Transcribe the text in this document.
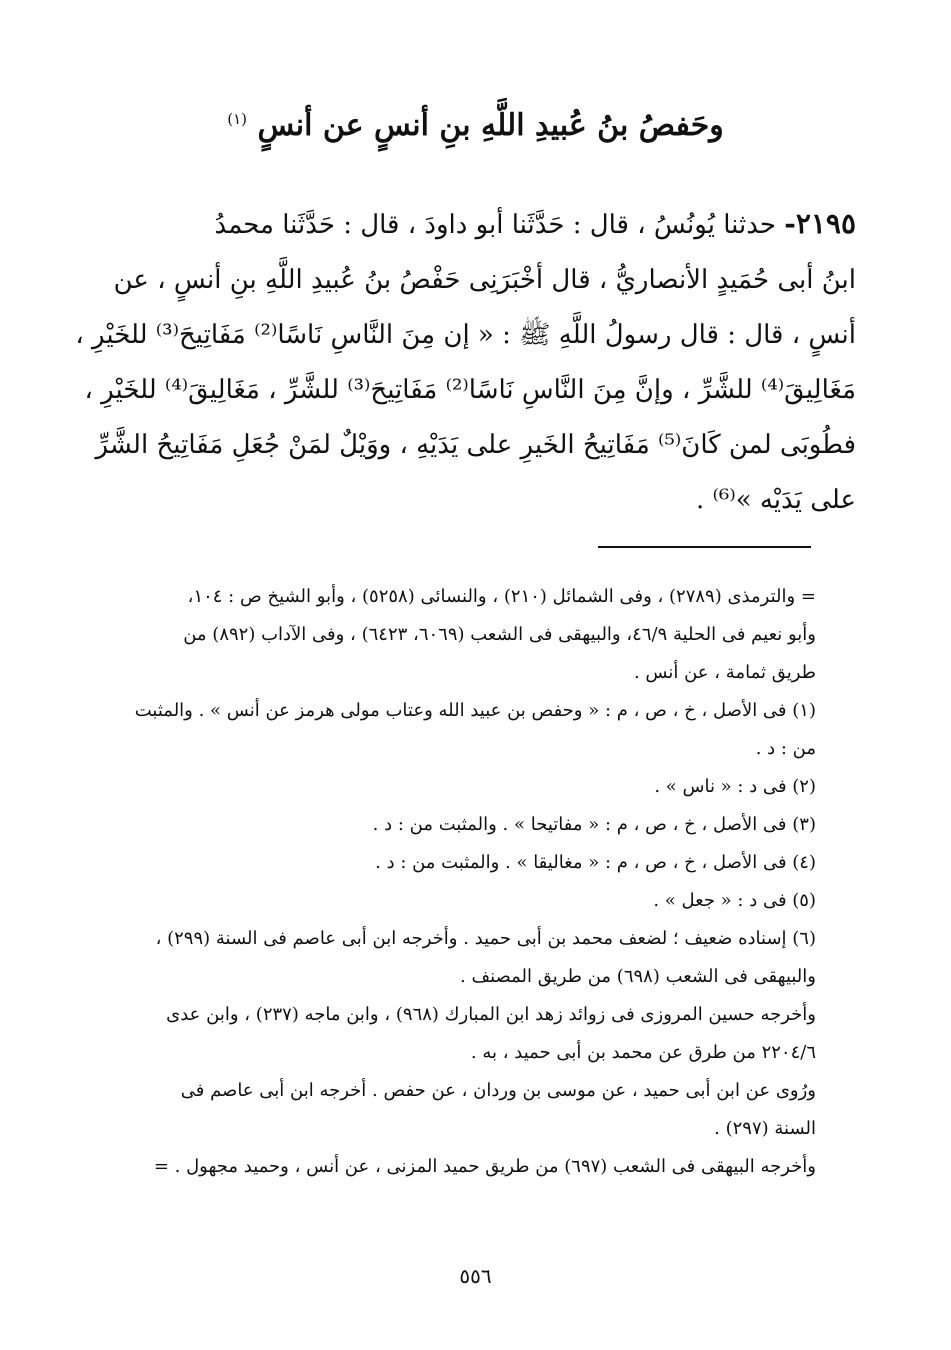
وحَفصُ بنُ عُبيدِ اللَّهِ بنِ أنسٍ عن أنسٍ $^{(١)}$
٢١٩٥- حدثنا يُونُسُ ، قال : حَدَّثَنا أبو داودَ ، قال : حَدَّثَنا محمدُ
ابنُ أبى حُمَيدٍ الأنصاريُّ ، قال أخْبَرَنِى حَفْصُ بنُ عُبيدِ اللَّهِ بنِ أنسٍ ، عن
أنسٍ ، قال : قال رسولُ اللَّهِ ﷺ : « إن مِنَ النَّاسِ نَاسًا⁽²⁾ مَفَاتِيحَ⁽³⁾ للخَيْرِ ،
مَغَالِيقَ⁽⁴⁾ للشَّرِّ ، وإنَّ مِنَ النَّاسِ نَاسًا⁽²⁾ مَفَاتِيحَ⁽³⁾ للشَّرِّ ، مَغَالِيقَ⁽⁴⁾ للخَيْرِ ،
فطُوبَى لمن كَانَ⁽⁵⁾ مَفَاتِيحُ الخَيرِ على يَدَيْهِ ، ووَيْلٌ لمَنْ جُعَلِ مَفَاتِيحُ الشَّرِّ
على يَدَيْه »⁽⁶⁾ .

= والترمذى (٢٧٨٩) ، وفى الشمائل (٢١٠) ، والنسائى (٥٢٥٨) ، وأبو الشيخ ص : ١٠٤،

وأبو نعيم فى الحلية ٤٦/٩، والبيهقى فى الشعب (٦٠٦٩، ٦٤٢٣) ، وفى الآداب (٨٩٢) من

طريق ثمامة ، عن أنس .

(١) فى الأصل ، خ ، ص ، م : « وحفص بن عبيد الله وعتاب مولى هرمز عن أنس » . والمثبت

من : د .

(٢) فى د : « ناس » .

(٣) فى الأصل ، خ ، ص ، م : « مفاتيحا » . والمثبت من : د .

(٤) فى الأصل ، خ ، ص ، م : « مغاليقا » . والمثبت من : د .

(٥) فى د : « جعل » .

(٦) إسناده ضعيف ؛ لضعف محمد بن أبى حميد . وأخرجه ابن أبى عاصم فى السنة (٢٩٩) ،

والبيهقى فى الشعب (٦٩٨) من طريق المصنف .

وأخرجه حسين المروزى فى زوائد زهد ابن المبارك (٩٦٨) ، وابن ماجه (٢٣٧) ، وابن عدى

٢٢٠٤/٦ من طرق عن محمد بن أبى حميد ، به .

ورُوى عن ابن أبى حميد ، عن موسى بن وردان ، عن حفص . أخرجه ابن أبى عاصم فى

السنة (٢٩٧) .

وأخرجه البيهقى فى الشعب (٦٩٧) من طريق حميد المزنى ، عن أنس ، وحميد مجهول . =

٥٥٦
